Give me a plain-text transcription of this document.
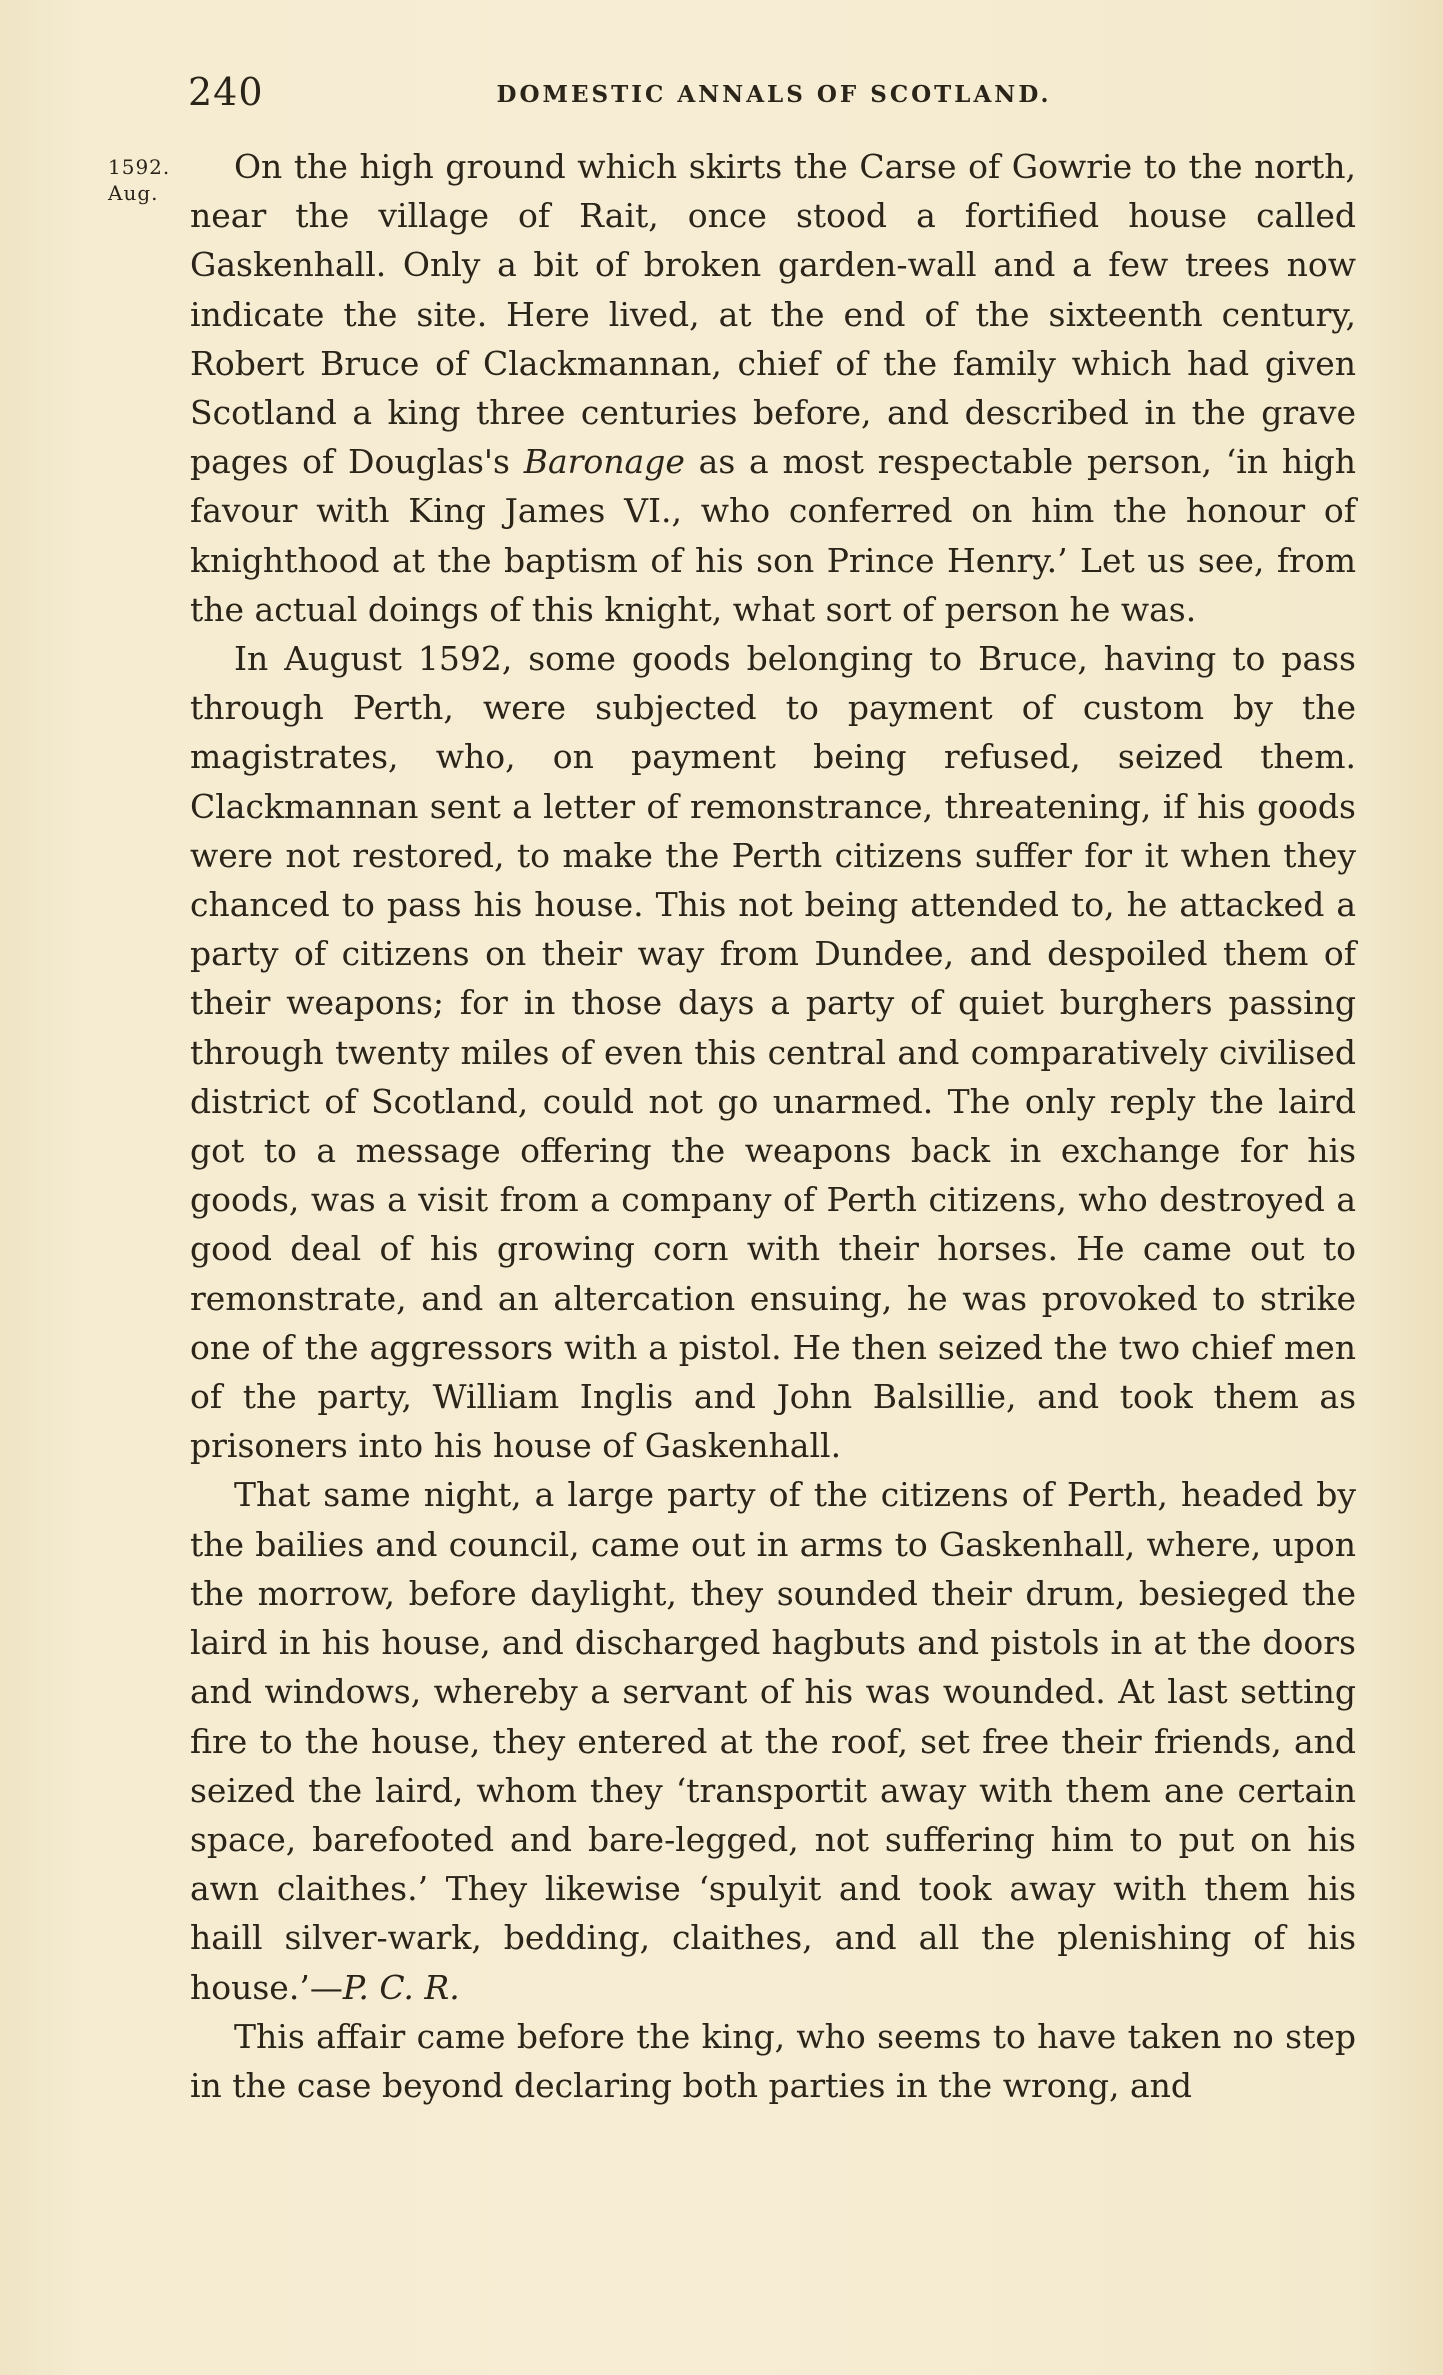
240	DOMESTIC ANNALS OF SCOTLAND.
1592.
Aug.

On the high ground which skirts the Carse of Gowrie to the north, near the village of Rait, once stood a fortified house called Gaskenhall. Only a bit of broken garden-wall and a few trees now indicate the site. Here lived, at the end of the sixteenth century, Robert Bruce of Clackmannan, chief of the family which had given Scotland a king three centuries before, and described in the grave pages of Douglas's Baronage as a most respectable person, ‘in high favour with King James VI., who conferred on him the honour of knighthood at the baptism of his son Prince Henry.’ Let us see, from the actual doings of this knight, what sort of person he was.

In August 1592, some goods belonging to Bruce, having to pass through Perth, were subjected to payment of custom by the magistrates, who, on payment being refused, seized them. Clackmannan sent a letter of remonstrance, threatening, if his goods were not restored, to make the Perth citizens suffer for it when they chanced to pass his house. This not being attended to, he attacked a party of citizens on their way from Dundee, and despoiled them of their weapons; for in those days a party of quiet burghers passing through twenty miles of even this central and comparatively civilised district of Scotland, could not go unarmed. The only reply the laird got to a message offering the weapons back in exchange for his goods, was a visit from a company of Perth citizens, who destroyed a good deal of his growing corn with their horses. He came out to remonstrate, and an altercation ensuing, he was provoked to strike one of the aggressors with a pistol. He then seized the two chief men of the party, William Inglis and John Balsillie, and took them as prisoners into his house of Gaskenhall.

That same night, a large party of the citizens of Perth, headed by the bailies and council, came out in arms to Gaskenhall, where, upon the morrow, before daylight, they sounded their drum, besieged the laird in his house, and discharged hagbuts and pistols in at the doors and windows, whereby a servant of his was wounded. At last setting fire to the house, they entered at the roof, set free their friends, and seized the laird, whom they ‘transportit away with them ane certain space, barefooted and bare-legged, not suffering him to put on his awn claithes.’ They likewise ‘spulyit and took away with them his haill silver-wark, bedding, claithes, and all the plenishing of his house.’—P. C. R.

This affair came before the king, who seems to have taken no step in the case beyond declaring both parties in the wrong, and
